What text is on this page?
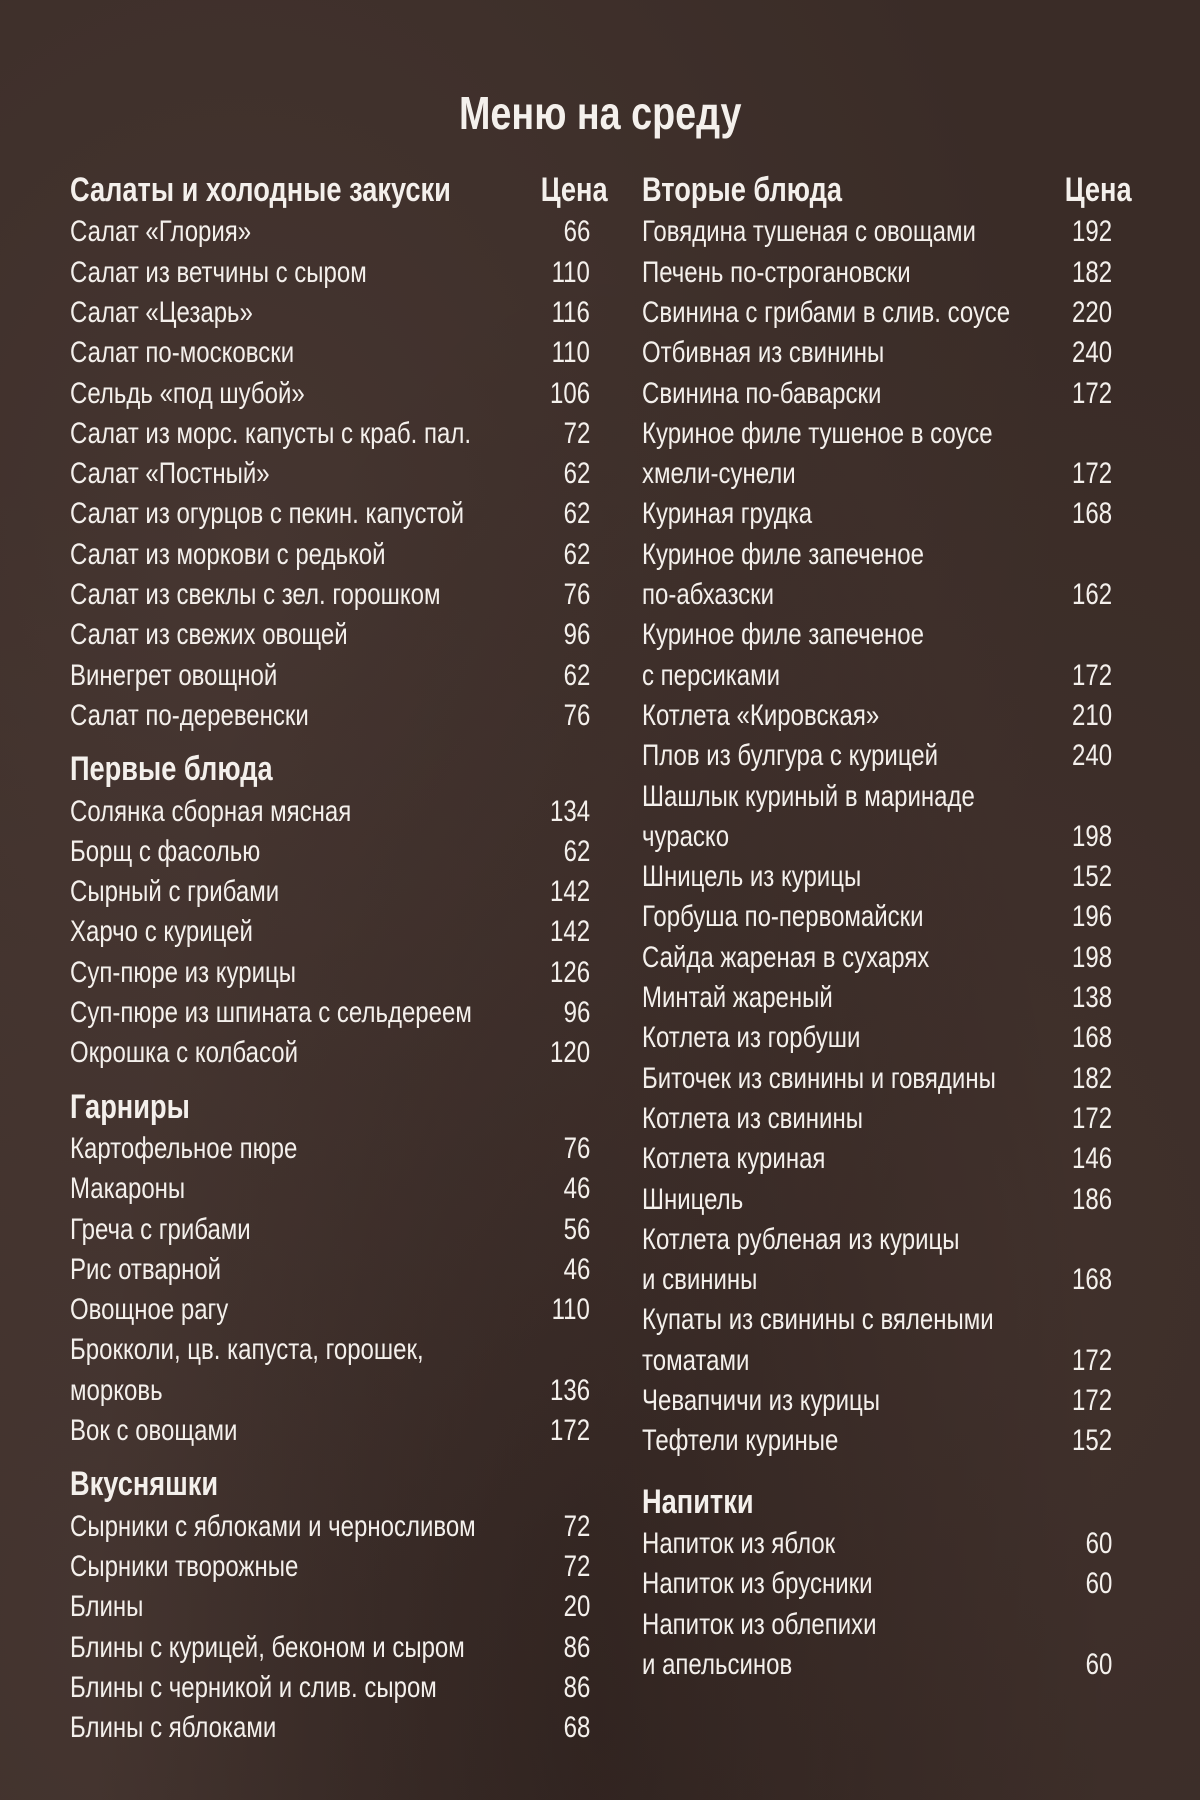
Меню на среду
Салаты и холодные закуски	Цена
Салат «Глория»	66
Салат из ветчины с сыром	110
Салат «Цезарь»	116
Салат по-московски	110
Сельдь «под шубой»	106
Салат из морс. капусты с краб. пал.	72
Салат «Постный»	62
Салат из огурцов с пекин. капустой	62
Салат из моркови с редькой	62
Салат из свеклы с зел. горошком	76
Салат из свежих овощей	96
Винегрет овощной	62
Салат по-деревенски	76
Первые блюда
Солянка сборная мясная	134
Борщ с фасолью	62
Сырный с грибами	142
Харчо с курицей	142
Суп-пюре из курицы	126
Суп-пюре из шпината с сельдереем	96
Окрошка с колбасой	120
Гарниры
Картофельное пюре	76
Макароны	46
Греча с грибами	56
Рис отварной	46
Овощное рагу	110
Брокколи, цв. капуста, горошек,
морковь	136
Вок с овощами	172
Вкусняшки
Сырники с яблоками и черносливом	72
Сырники творожные	72
Блины	20
Блины с курицей, беконом и сыром	86
Блины с черникой и слив. сыром	86
Блины с яблоками	68
Вторые блюда	Цена
Говядина тушеная с овощами	192
Печень по-строгановски	182
Свинина с грибами в слив. соусе 220
Отбивная из свинины	240
Свинина по-баварски	172
Куриное филе тушеное в соусе
хмели-сунели	172
Куриная грудка	168
Куриное филе запеченое
по-абхазски	162
Куриное филе запеченое
с персиками	172
Котлета «Кировская»	210
Плов из булгура с курицей	240
Шашлык куриный в маринаде
чураско	198
Шницель из курицы	152
Горбуша по-первомайски	196
Сайда жареная в сухарях	198
Минтай жареный	138
Котлета из горбуши	168
Биточек из свинины и говядины	182
Котлета из свинины	172
Котлета куриная	146
Шницель	186
Котлета рубленая из курицы
и свинины	168
Купаты из свинины с вялеными
томатами	172
Чевапчичи из курицы	172
Тефтели куриные	152
Напитки
Напиток из яблок	60
Напиток из брусники	60
Напиток из облепихи
и апельсинов	60
